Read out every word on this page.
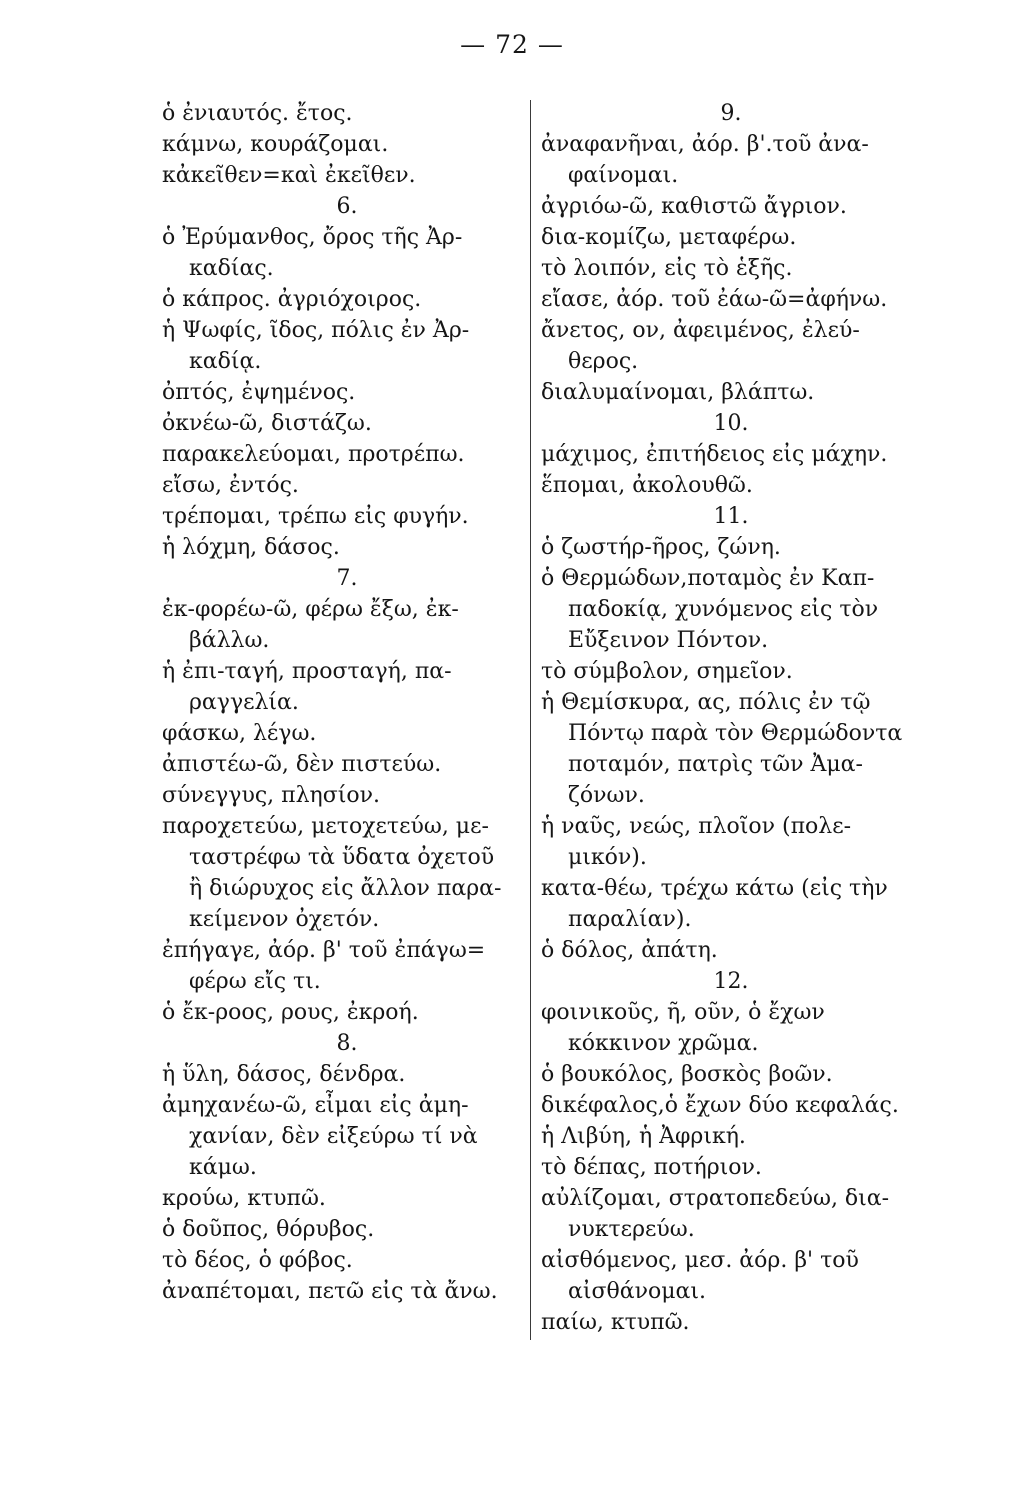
— 72 —
ὁ ἐνιαυτός. ἔτος.
κάμνω, κουράζομαι.
κἀκεῖθεν=καὶ ἐκεῖθεν.
6.
ὁ Ἐρύμανθος, ὄρος τῆς Ἀρ-
καδίας.
ὁ κάπρος. ἀγριόχοιρος.
ἡ Ψωφίς, ῖδος, πόλις ἐν Ἀρ-
καδίᾳ.
ὀπτός, ἐψημένος.
ὀκνέω-ῶ, διστάζω.
παρακελεύομαι, προτρέπω.
εἴσω, ἐντός.
τρέπομαι, τρέπω εἰς φυγήν.
ἡ λόχμη, δάσος.
7.
ἐκ-φορέω-ῶ, φέρω ἔξω, ἐκ-
βάλλω.
ἡ ἐπι-ταγή, προσταγή, πα-
ραγγελία.
φάσκω, λέγω.
ἀπιστέω-ῶ, δὲν πιστεύω.
σύνεγγυς, πλησίον.
παροχετεύω, μετοχετεύω, με-
ταστρέφω τὰ ὕδατα ὀχετοῦ
ἢ διώρυχος εἰς ἄλλον παρα-
κείμενον ὀχετόν.
ἐπήγαγε, ἀόρ. β' τοῦ ἐπάγω=
φέρω εἴς τι.
ὁ ἔκ-ροος, ρους, ἐκροή.
8.
ἡ ὕλη, δάσος, δένδρα.
ἀμηχανέω-ῶ, εἶμαι εἰς ἀμη-
χανίαν, δὲν εἰξεύρω τί νὰ
κάμω.
κρούω, κτυπῶ.
ὁ δοῦπος, θόρυβος.
τὸ δέος, ὁ φόβος.
ἀναπέτομαι, πετῶ εἰς τὰ ἄνω.
9.
ἀναφανῆναι, ἀόρ. β'.τοῦ ἀνα-
φαίνομαι.
ἀγριόω-ῶ, καθιστῶ ἄγριον.
δια-κομίζω, μεταφέρω.
τὸ λοιπόν, εἰς τὸ ἑξῆς.
εἴασε, ἀόρ. τοῦ ἐάω-ῶ=ἀφήνω.
ἄνετος, ον, ἀφειμένος, ἐλεύ-
θερος.
διαλυμαίνομαι, βλάπτω.
10.
μάχιμος, ἐπιτήδειος εἰς μάχην.
ἕπομαι, ἀκολουθῶ.
11.
ὁ ζωστήρ-ῆρος, ζώνη.
ὁ Θερμώδων,ποταμὸς ἐν Καπ-
παδοκίᾳ, χυνόμενος εἰς τὸν
Εὔξεινον Πόντον.
τὸ σύμβολον, σημεῖον.
ἡ Θεμίσκυρα, ας, πόλις ἐν τῷ
Πόντῳ παρὰ τὸν Θερμώδοντα
ποταμόν, πατρὶς τῶν Ἀμα-
ζόνων.
ἡ ναῦς, νεώς, πλοῖον (πολε-
μικόν).
κατα-θέω, τρέχω κάτω (εἰς τὴν
παραλίαν).
ὁ δόλος, ἀπάτη.
12.
φοινικοῦς, ῆ, οῦν, ὁ ἔχων
κόκκινον χρῶμα.
ὁ βουκόλος, βοσκὸς βοῶν.
δικέφαλος,ὁ ἔχων δύο κεφαλάς.
ἡ Λιβύη, ἡ Ἀφρική.
τὸ δέπας, ποτήριον.
αὐλίζομαι, στρατοπεδεύω, δια-
νυκτερεύω.
αἰσθόμενος, μεσ. ἀόρ. β' τοῦ
αἰσθάνομαι.
παίω, κτυπῶ.
